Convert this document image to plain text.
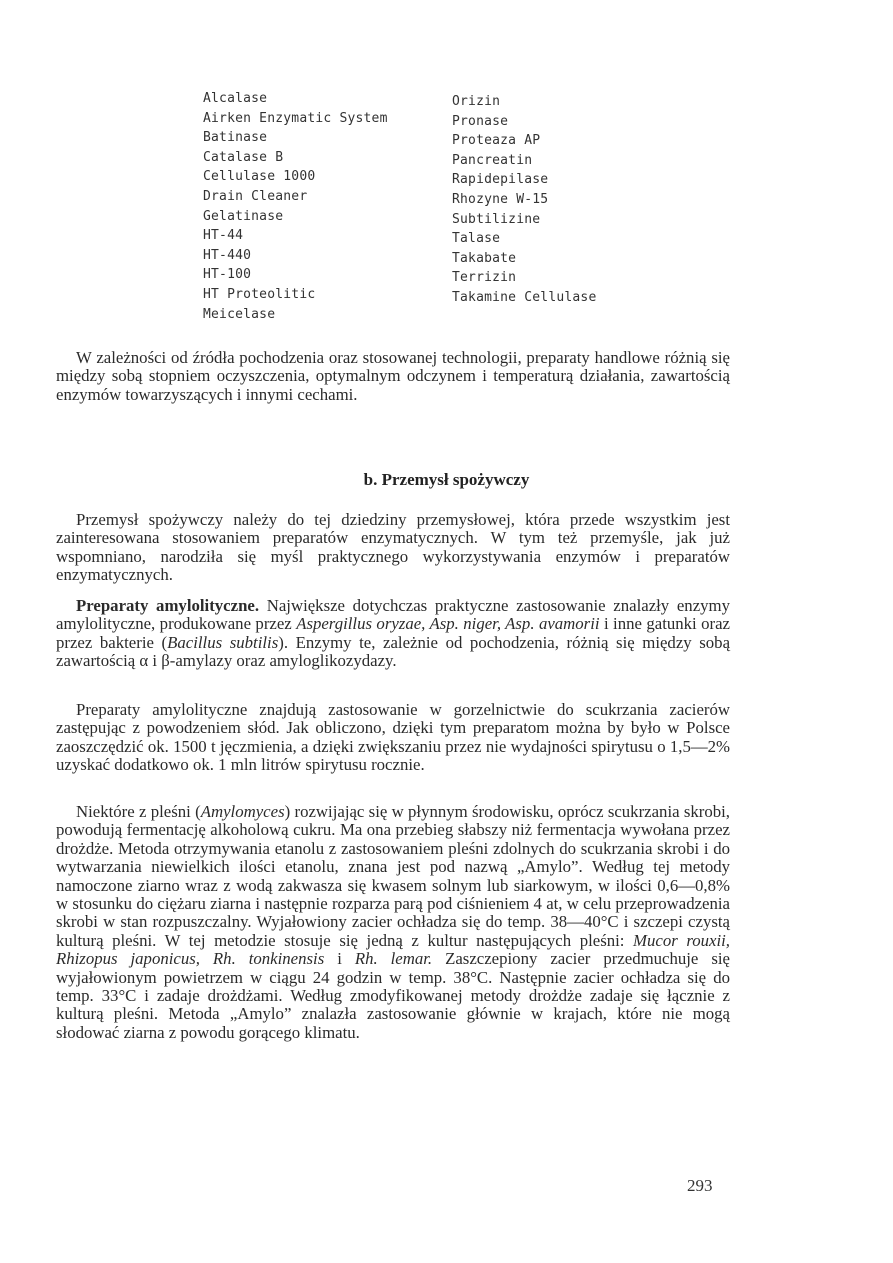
Alcalase
Airken Enzymatic System
Batinase
Catalase B
Cellulase 1000
Drain Cleaner
Gelatinase
HT-44
HT-440
HT-100
HT Proteolitic
Meicelase
Orizin
Pronase
Proteaza AP
Pancreatin
Rapidepilase
Rhozyne W-15
Subtilizine
Talase
Takabate
Terrizin
Takamine Cellulase

W zależności od źródła pochodzenia oraz stosowanej technologii, preparaty handlowe różnią się między sobą stopniem oczyszczenia, optymalnym odczynem i temperaturą działania, zawartością enzymów towarzyszących i innymi cechami.

b. Przemysł spożywczy

Przemysł spożywczy należy do tej dziedziny przemysłowej, która przede wszystkim jest zainteresowana stosowaniem preparatów enzymatycznych. W tym też przemyśle, jak już wspomniano, narodziła się myśl praktycznego wykorzystywania enzymów i preparatów enzymatycznych.

Preparaty amylolityczne. Największe dotychczas praktyczne zastosowanie znalazły enzymy amylolityczne, produkowane przez Aspergillus oryzae, Asp. niger, Asp. avamorii i inne gatunki oraz przez bakterie (Bacillus subtilis). Enzymy te, zależnie od pochodzenia, różnią się między sobą zawartością α i β-amylazy oraz amyloglikozydazy.

Preparaty amylolityczne znajdują zastosowanie w gorzelnictwie do scukrzania zacierów zastępując z powodzeniem słód. Jak obliczono, dzięki tym preparatom można by było w Polsce zaoszczędzić ok. 1500 t jęczmienia, a dzięki zwiększaniu przez nie wydajności spirytusu o 1,5—2% uzyskać dodatkowo ok. 1 mln litrów spirytusu rocznie.

Niektóre z pleśni (Amylomyces) rozwijając się w płynnym środowisku, oprócz scukrzania skrobi, powodują fermentację alkoholową cukru. Ma ona przebieg słabszy niż fermentacja wywołana przez drożdże. Metoda otrzymywania etanolu z zastosowaniem pleśni zdolnych do scukrzania skrobi i do wytwarzania niewielkich ilości etanolu, znana jest pod nazwą „Amylo”. Według tej metody namoczone ziarno wraz z wodą zakwasza się kwasem solnym lub siarkowym, w ilości 0,6—0,8% w stosunku do ciężaru ziarna i następnie rozparza parą pod ciśnieniem 4 at, w celu przeprowadzenia skrobi w stan rozpuszczalny. Wyjałowiony zacier ochładza się do temp. 38—40°C i szczepi czystą kulturą pleśni. W tej metodzie stosuje się jedną z kultur następujących pleśni: Mucor rouxii, Rhizopus japonicus, Rh. tonkinensis i Rh. lemar. Zaszczepiony zacier przedmuchuje się wyjałowionym powietrzem w ciągu 24 godzin w temp. 38°C. Następnie zacier ochładza się do temp. 33°C i zadaje drożdżami. Według zmodyfikowanej metody drożdże zadaje się łącznie z kulturą pleśni. Metoda „Amylo” znalazła zastosowanie głównie w krajach, które nie mogą słodować ziarna z powodu gorącego klimatu.

293
